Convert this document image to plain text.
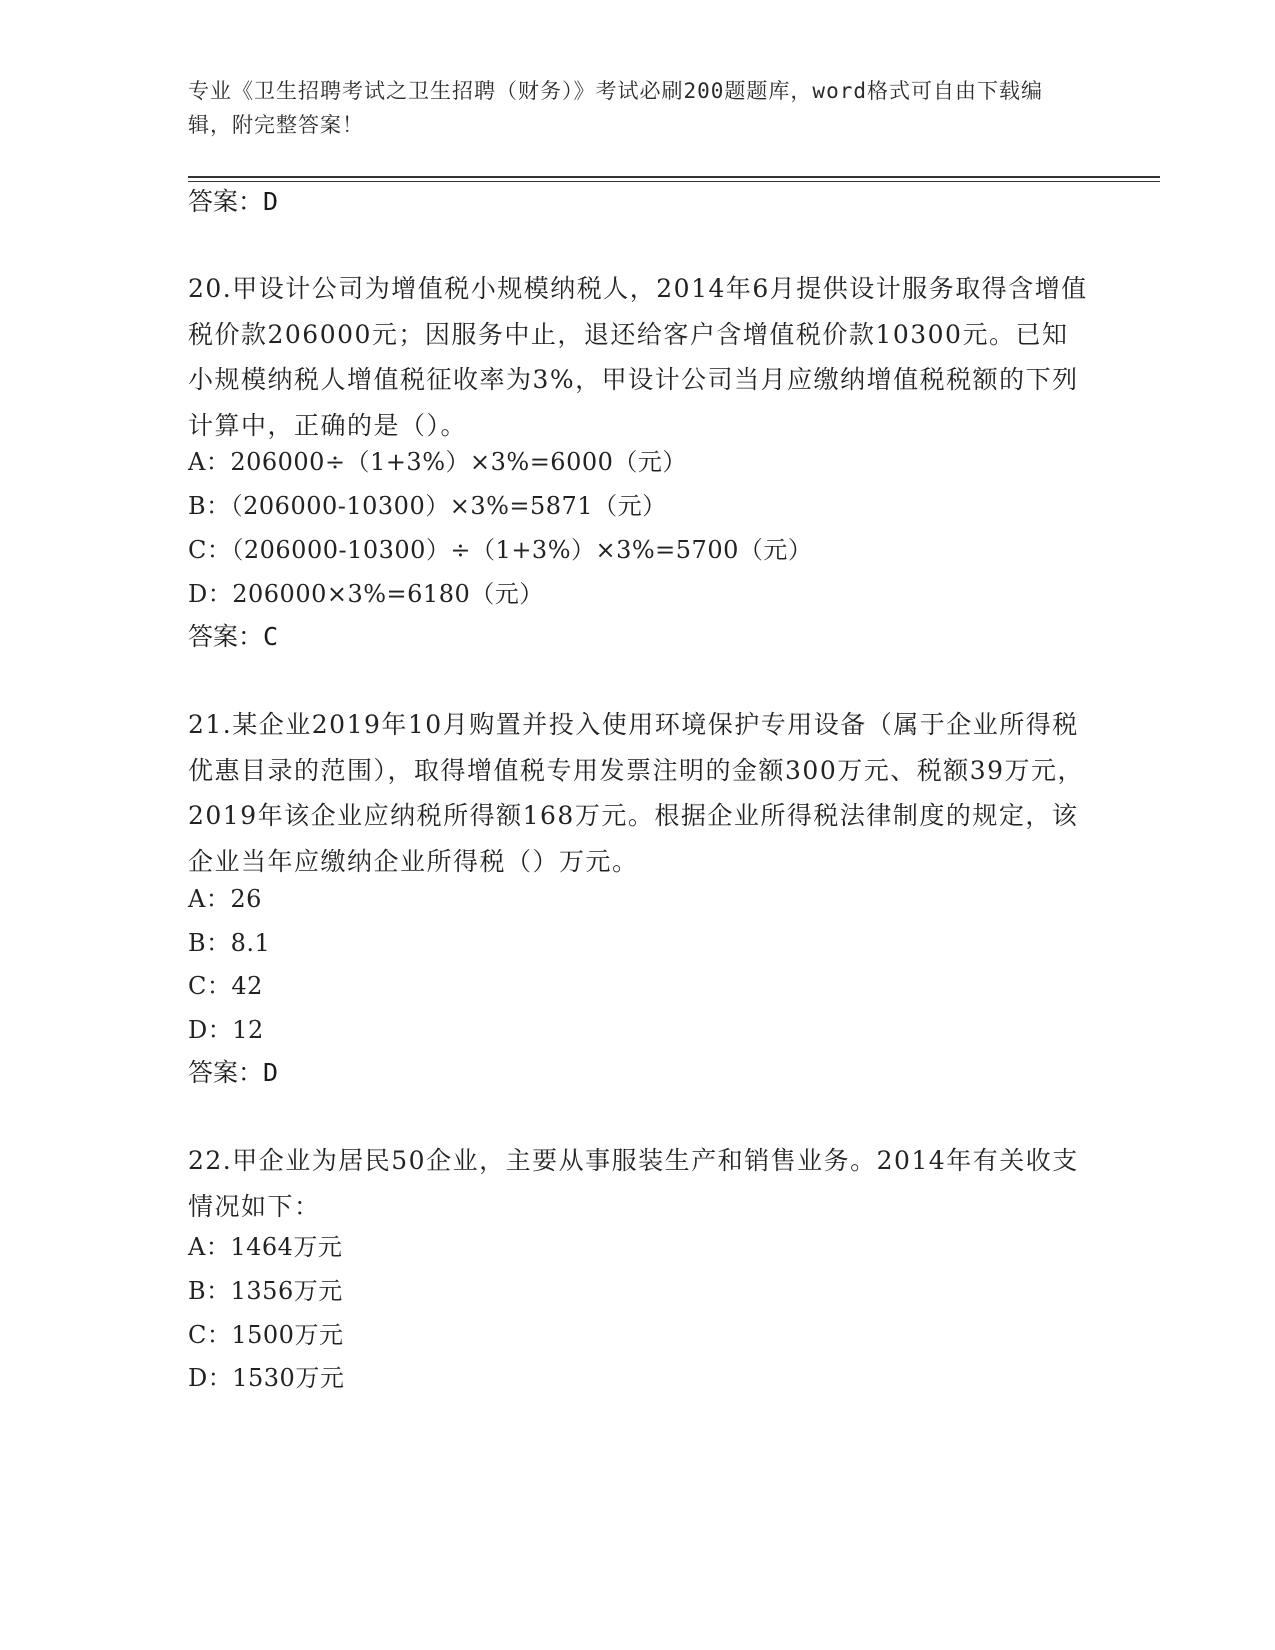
专业《卫生招聘考试之卫生招聘（财务）》考试必刷200题题库，word格式可自由下载编辑，附完整答案！
答案：D
20.甲设计公司为增值税小规模纳税人，2014年6月提供设计服务取得含增值税价款206000元；因服务中止，退还给客户含增值税价款10300元。已知小规模纳税人增值税征收率为3%，甲设计公司当月应缴纳增值税税额的下列计算中，正确的是（）。
A：206000÷（1+3%）×3%=6000（元）
B：（206000-10300）×3%=5871（元）
C：（206000-10300）÷（1+3%）×3%=5700（元）
D：206000×3%=6180（元）
答案：C
21.某企业2019年10月购置并投入使用环境保护专用设备（属于企业所得税优惠目录的范围），取得增值税专用发票注明的金额300万元、税额39万元，2019年该企业应纳税所得额168万元。根据企业所得税法律制度的规定，该企业当年应缴纳企业所得税（）万元。
A：26
B：8.1
C：42
D：12
答案：D
22.甲企业为居民50企业，主要从事服装生产和销售业务。2014年有关收支情况如下：
A：1464万元
B：1356万元
C：1500万元
D：1530万元
